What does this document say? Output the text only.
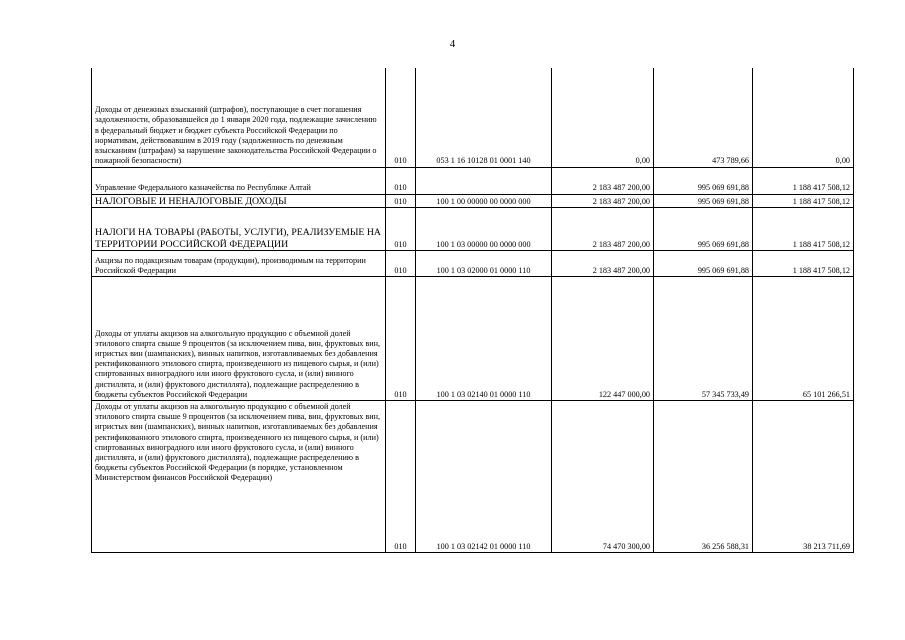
4
Доходы от денежных взысканий (штрафов), поступающие в счет погашения задолженности, образовавшейся до 1 января 2020 года, подлежащие зачислению в федеральный бюджет и бюджет субъекта Российской Федерации по нормативам, действовавшим в 2019 году (задолженность по денежным взысканиям (штрафам) за нарушение законодательства Российской Федерации о пожарной безопасности)	010	053 1 16 10128 01 0001 140	0,00	473 789,66	0,00
Управление Федерального казначейства по Республике Алтай	010		2 183 487 200,00	995 069 691,88	1 188 417 508,12
НАЛОГОВЫЕ И НЕНАЛОГОВЫЕ ДОХОДЫ	010	100 1 00 00000 00 0000 000	2 183 487 200,00	995 069 691,88	1 188 417 508,12
НАЛОГИ НА ТОВАРЫ (РАБОТЫ, УСЛУГИ), РЕАЛИЗУЕМЫЕ НА ТЕРРИТОРИИ РОССИЙСКОЙ ФЕДЕРАЦИИ	010	100 1 03 00000 00 0000 000	2 183 487 200,00	995 069 691,88	1 188 417 508,12
Акцизы по подакцизным товарам (продукции), производимым на территории Российской Федерации	010	100 1 03 02000 01 0000 110	2 183 487 200,00	995 069 691,88	1 188 417 508,12
Доходы от уплаты акцизов на алкогольную продукцию с объемной долей этилового спирта свыше 9 процентов (за исключением пива, вин, фруктовых вин, игристых вин (шампанских), винных напитков, изготавливаемых без добавления ректификованного этилового спирта, произведенного из пищевого сырья, и (или) спиртованных виноградного или иного фруктового сусла, и (или) винного дистиллята, и (или) фруктового дистиллята), подлежащие распределению в бюджеты субъектов Российской Федерации	010	100 1 03 02140 01 0000 110	122 447 000,00	57 345 733,49	65 101 266,51
Доходы от уплаты акцизов на алкогольную продукцию с объемной долей этилового спирта свыше 9 процентов (за исключением пива, вин, фруктовых вин, игристых вин (шампанских), винных напитков, изготавливаемых без добавления ректификованного этилового спирта, произведенного из пищевого сырья, и (или) спиртованных виноградного или иного фруктового сусла, и (или) винного дистиллята, и (или) фруктового дистиллята), подлежащие распределению в бюджеты субъектов Российской Федерации (в порядке, установленном Министерством финансов Российской Федерации)	010	100 1 03 02142 01 0000 110	74 470 300,00	36 256 588,31	38 213 711,69
